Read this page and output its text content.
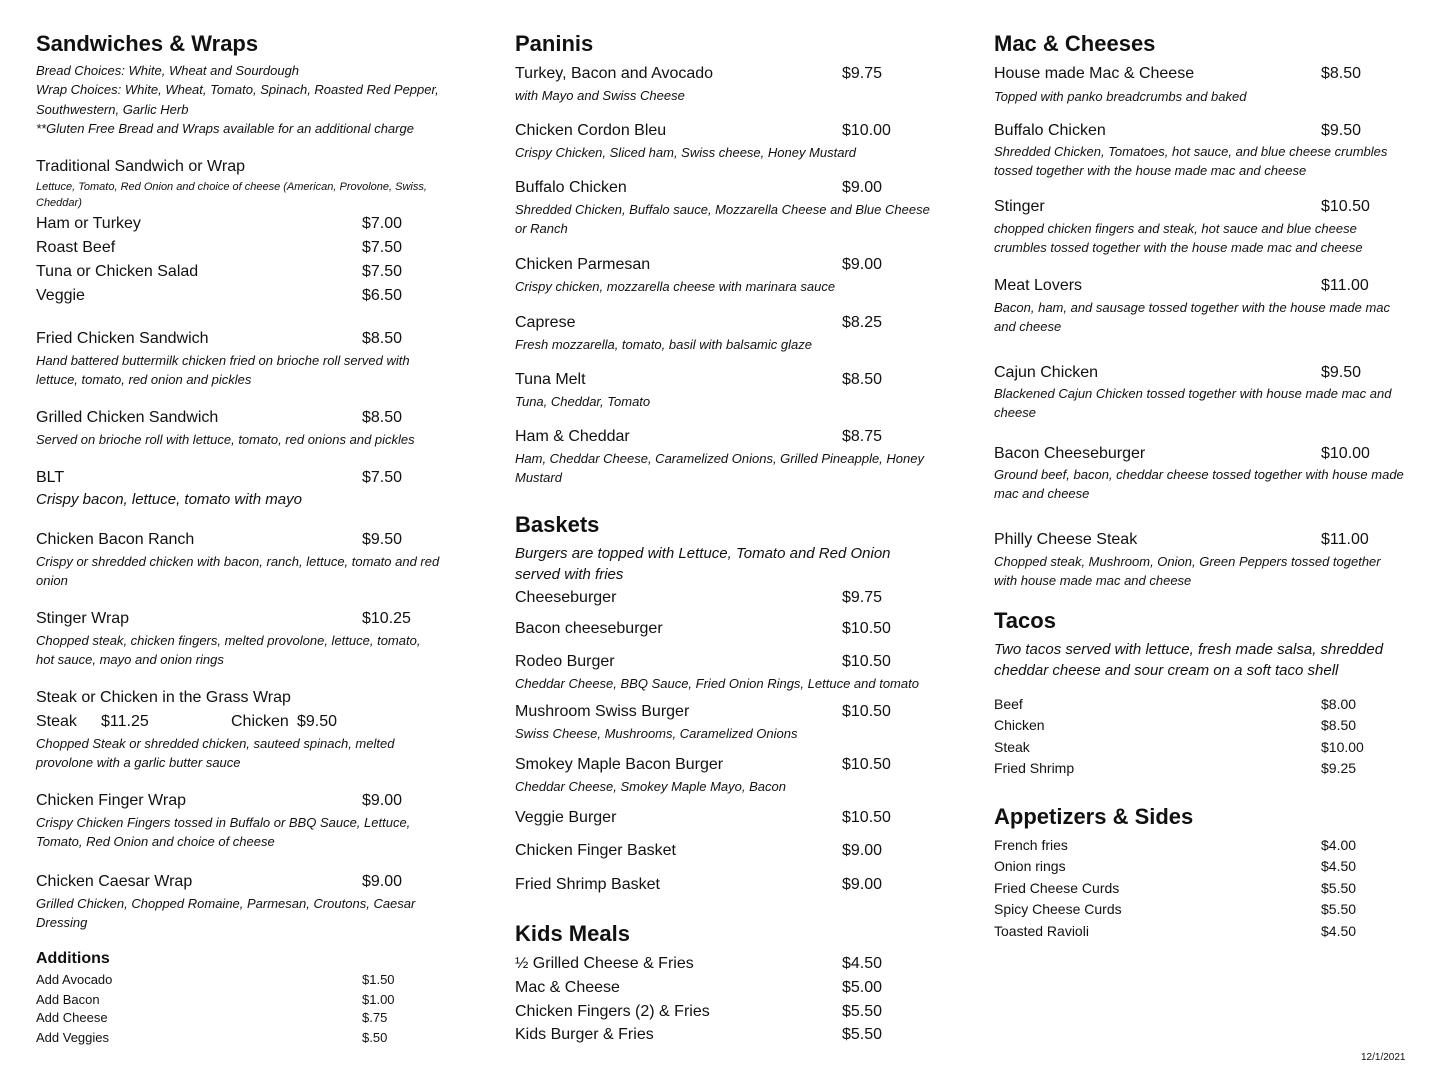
Sandwiches & Wraps
Bread Choices: White, Wheat and Sourdough
Wrap Choices: White, Wheat, Tomato, Spinach, Roasted Red Pepper,
Southwestern, Garlic Herb
**Gluten Free Bread and Wraps available for an additional charge
Traditional Sandwich or Wrap
Lettuce, Tomato, Red Onion and choice of cheese (American, Provolone, Swiss, Cheddar)
Ham or Turkey	$7.00
Roast Beef	$7.50
Tuna or Chicken Salad	$7.50
Veggie	$6.50
Fried Chicken Sandwich	$8.50
Hand battered buttermilk chicken fried on brioche roll served with lettuce, tomato, red onion and pickles
Grilled Chicken Sandwich	$8.50
Served on brioche roll with lettuce, tomato, red onions and pickles
BLT	$7.50
Crispy bacon, lettuce, tomato with mayo
Chicken Bacon Ranch	$9.50
Crispy or shredded chicken with bacon, ranch, lettuce, tomato and red onion
Stinger Wrap	$10.25
Chopped steak, chicken fingers, melted provolone, lettuce, tomato, hot sauce, mayo and onion rings
Steak or Chicken in the Grass Wrap
Steak $11.25	Chicken $9.50
Chopped Steak or shredded chicken, sauteed spinach, melted provolone with a garlic butter sauce
Chicken Finger Wrap	$9.00
Crispy Chicken Fingers tossed in Buffalo or BBQ Sauce, Lettuce, Tomato, Red Onion and choice of cheese
Chicken Caesar Wrap	$9.00
Grilled Chicken, Chopped Romaine, Parmesan, Croutons, Caesar Dressing
Additions
Add Avocado	$1.50
Add Bacon	$1.00
Add Cheese	$.75
Add Veggies	$.50
Paninis
Turkey, Bacon and Avocado	$9.75
with Mayo and Swiss Cheese
Chicken Cordon Bleu	$10.00
Crispy Chicken, Sliced ham, Swiss cheese, Honey Mustard
Buffalo Chicken	$9.00
Shredded Chicken, Buffalo sauce, Mozzarella Cheese and Blue Cheese or Ranch
Chicken Parmesan	$9.00
Crispy chicken, mozzarella cheese with marinara sauce
Caprese	$8.25
Fresh mozzarella, tomato, basil with balsamic glaze
Tuna Melt	$8.50
Tuna, Cheddar, Tomato
Ham & Cheddar	$8.75
Ham, Cheddar Cheese, Caramelized Onions, Grilled Pineapple, Honey Mustard
Baskets
Burgers are topped with Lettuce, Tomato and Red Onion served with fries
Cheeseburger	$9.75
Bacon cheeseburger	$10.50
Rodeo Burger	$10.50
Cheddar Cheese, BBQ Sauce, Fried Onion Rings, Lettuce and tomato
Mushroom Swiss Burger	$10.50
Swiss Cheese, Mushrooms, Caramelized Onions
Smokey Maple Bacon Burger	$10.50
Cheddar Cheese, Smokey Maple Mayo, Bacon
Veggie Burger	$10.50
Chicken Finger Basket	$9.00
Fried Shrimp Basket	$9.00
Kids Meals
½ Grilled Cheese & Fries	$4.50
Mac & Cheese	$5.00
Chicken Fingers (2) & Fries	$5.50
Kids Burger & Fries	$5.50
Mac & Cheeses
House made Mac & Cheese	$8.50
Topped with panko breadcrumbs and baked
Buffalo Chicken	$9.50
Shredded Chicken, Tomatoes, hot sauce, and blue cheese crumbles tossed together with the house made mac and cheese
Stinger	$10.50
chopped chicken fingers and steak, hot sauce and blue cheese crumbles tossed together with the house made mac and cheese
Meat Lovers	$11.00
Bacon, ham, and sausage tossed together with the house made mac and cheese
Cajun Chicken	$9.50
Blackened Cajun Chicken tossed together with house made mac and cheese
Bacon Cheeseburger	$10.00
Ground beef, bacon, cheddar cheese tossed together with house made mac and cheese
Philly Cheese Steak	$11.00
Chopped steak, Mushroom, Onion, Green Peppers tossed together with house made mac and cheese
Tacos
Two tacos served with lettuce, fresh made salsa, shredded cheddar cheese and sour cream on a soft taco shell
Beef	$8.00
Chicken	$8.50
Steak	$10.00
Fried Shrimp	$9.25
Appetizers & Sides
French fries	$4.00
Onion rings	$4.50
Fried Cheese Curds	$5.50
Spicy Cheese Curds	$5.50
Toasted Ravioli	$4.50
12/1/2021
